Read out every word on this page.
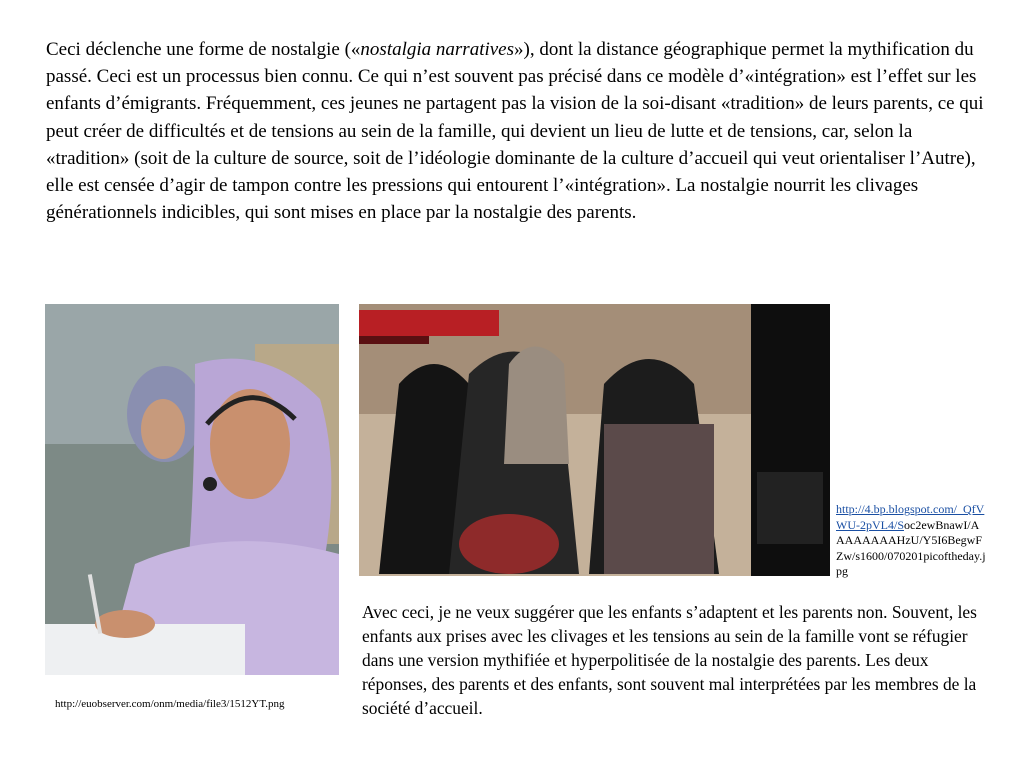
Ceci déclenche une forme de nostalgie («nostalgia narratives»), dont la distance géographique permet la mythification du passé. Ceci est un processus bien connu. Ce qui n’est souvent pas précisé dans ce modèle d’«intégration» est l’effet sur les enfants d’émigrants. Fréquemment, ces jeunes ne partagent pas la vision de la soi-disant «tradition» de leurs parents, ce qui peut créer de difficultés et de tensions au sein de la famille, qui devient un lieu de lutte et de tensions, car, selon la «tradition» (soit de la culture de source, soit de l’idéologie dominante de la culture d’accueil qui veut orientaliser l’Autre), elle est censée d’agir de tampon contre les pressions qui entourent l’«intégration». La nostalgie nourrit les clivages générationnels indicibles, qui sont mises en place par la nostalgie des parents.

http://euobserver.com/onm/media/file3/1512YT.png

http://4.bp.blogspot.com/_QfVWU-2pVL4/Soc2ewBnawI/AAAAAAAAHzU/Y5I6BegwFZw/s1600/070201picoftheday.jpg

Avec ceci, je ne veux suggérer que les enfants s’adaptent et les parents non. Souvent, les enfants aux prises avec les clivages et les tensions au sein de la famille vont se réfugier dans une version mythifiée et hyperpolitisée de la nostalgie des parents. Les deux réponses, des parents et des enfants, sont souvent mal interprétées par les membres de la société d’accueil.
